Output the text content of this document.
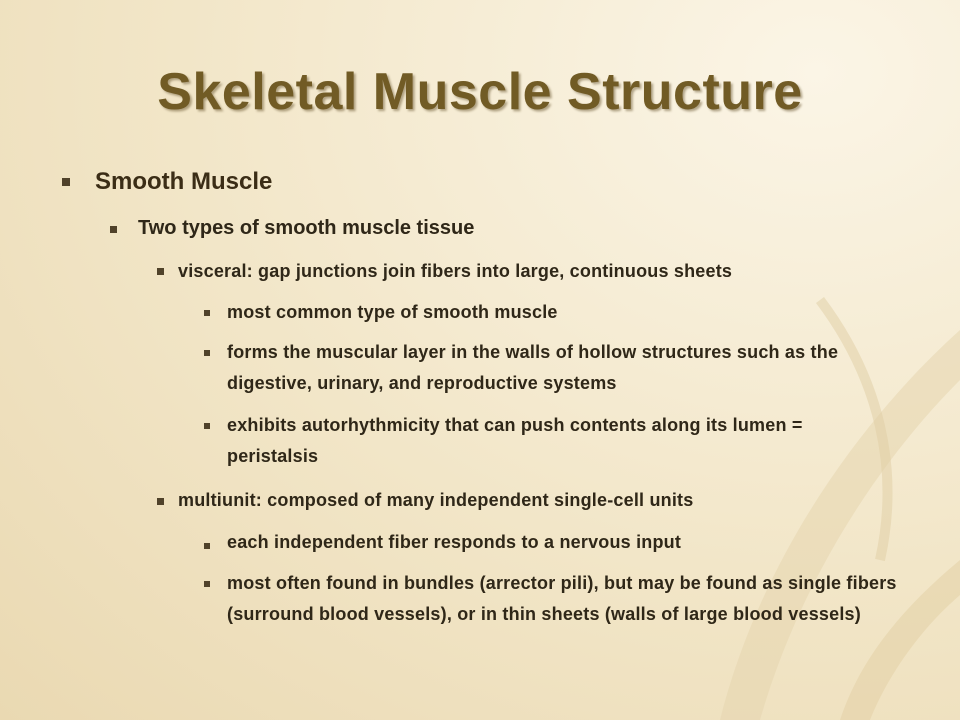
Skeletal Muscle Structure
Smooth Muscle
Two types of smooth muscle tissue
visceral: gap junctions join fibers into large, continuous sheets
most common type of smooth muscle
forms the muscular layer in the walls of hollow structures such as the digestive, urinary, and reproductive systems
exhibits autorhythmicity that can push contents along its lumen = peristalsis
multiunit: composed of many independent single-cell units
each independent fiber responds to a nervous input
most often found in bundles (arrector pili), but may be found as single fibers (surround blood vessels), or in thin sheets (walls of large blood vessels)
